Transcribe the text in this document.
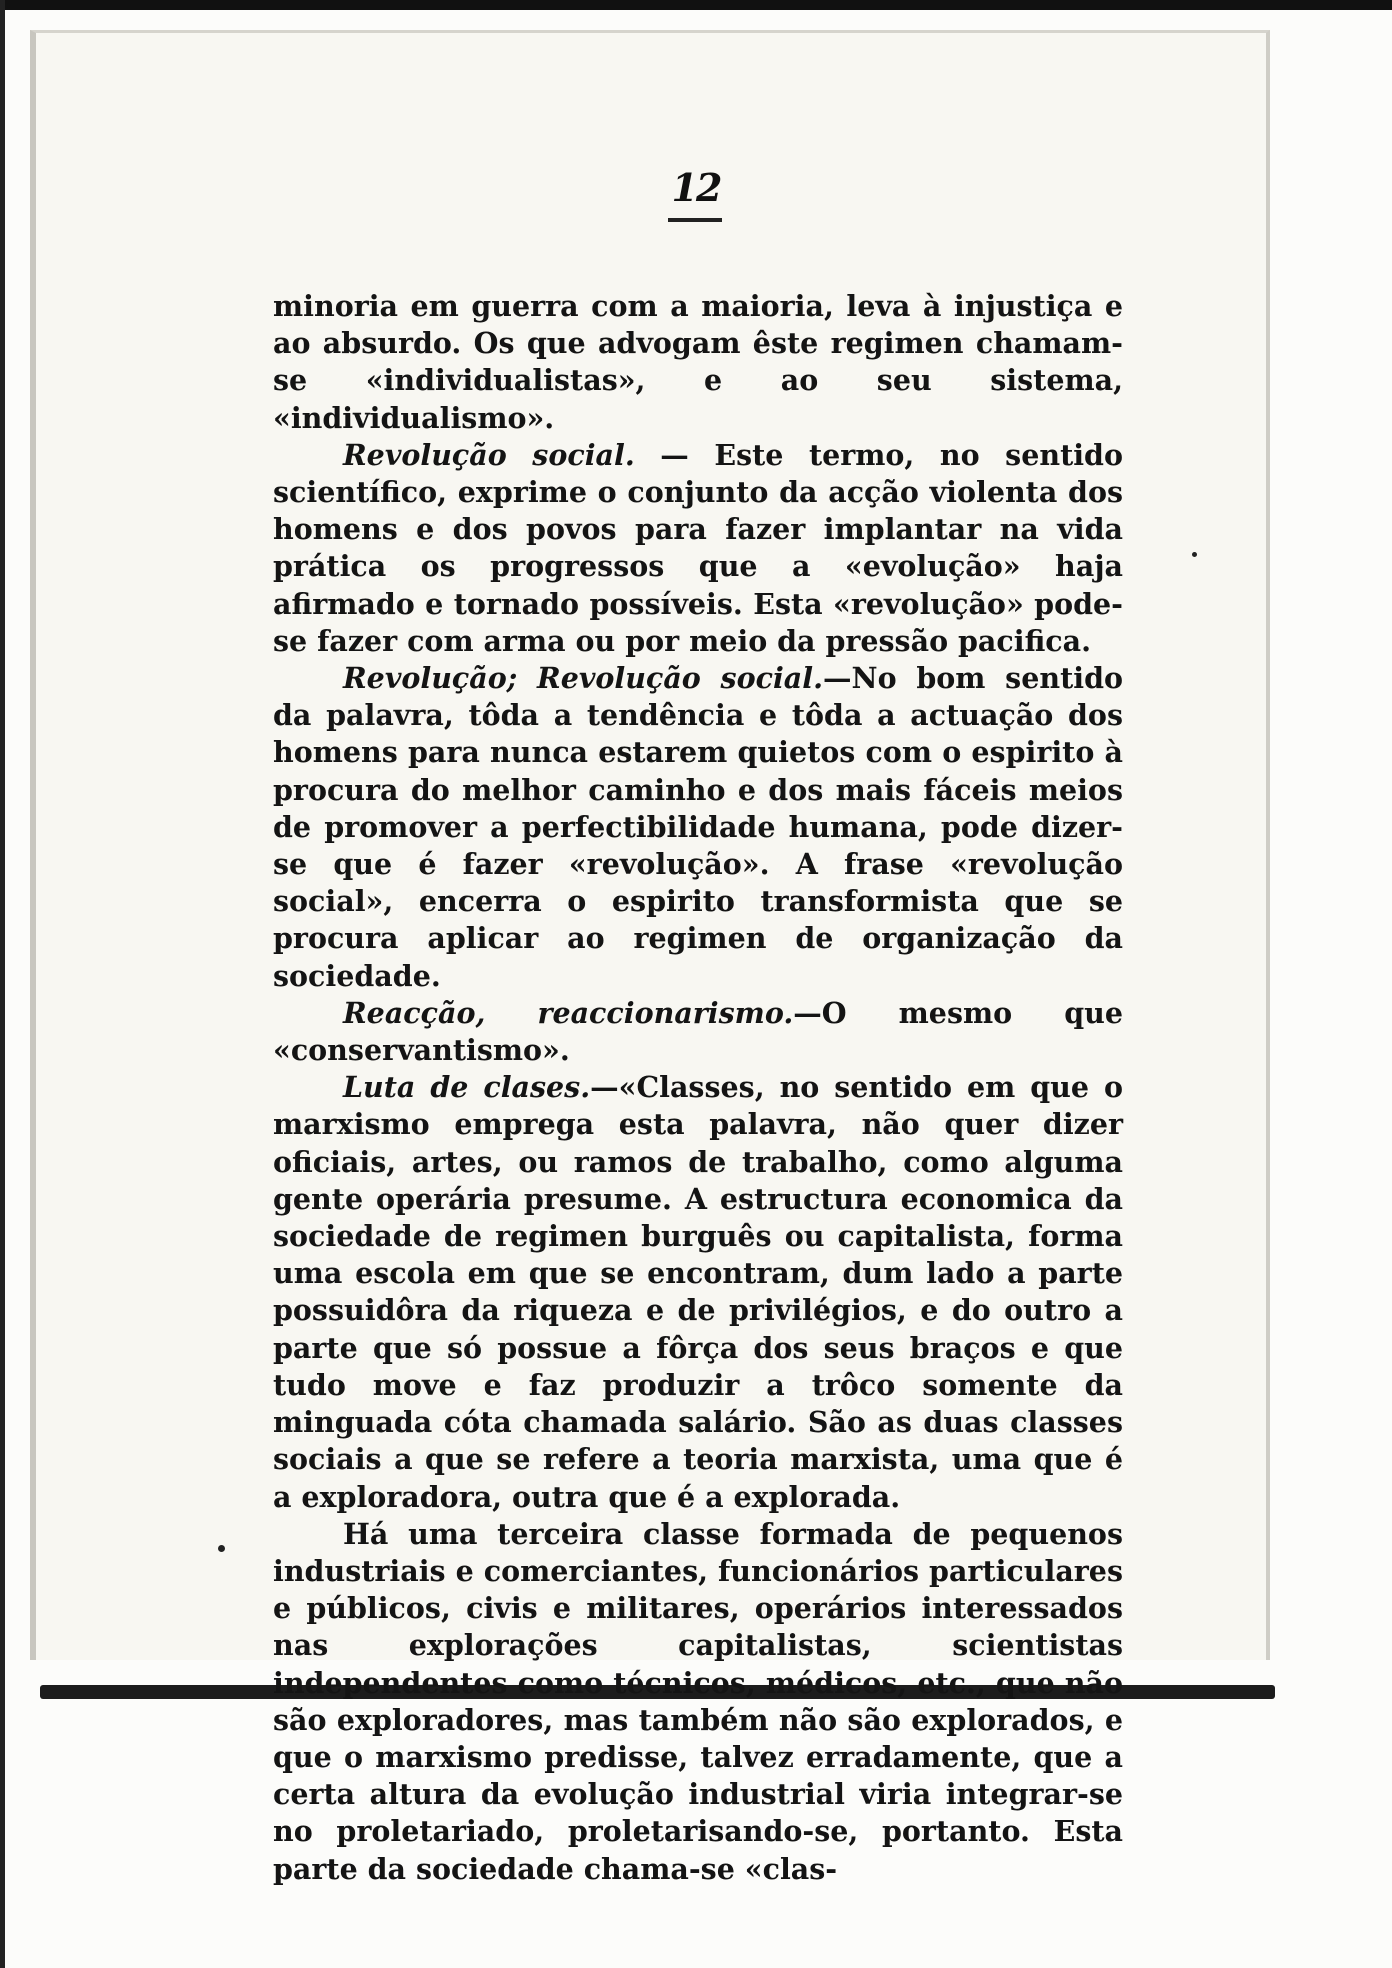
12

minoria em guerra com a maioria, leva à injustiça e ao absurdo. Os que advogam êste regimen chamam-se «individualistas», e ao seu sistema, «individualismo».

Revolução social. — Este termo, no sentido scientífico, exprime o conjunto da acção violenta dos homens e dos povos para fazer implantar na vida prática os progressos que a «evolução» haja afirmado e tornado possíveis. Esta «revolução» pode-se fazer com arma ou por meio da pressão pacifica.

Revolução; Revolução social.—No bom sentido da palavra, tôda a tendência e tôda a actuação dos homens para nunca estarem quietos com o espirito à procura do melhor caminho e dos mais fáceis meios de promover a perfectibilidade humana, pode dizer-se que é fazer «revolução». A frase «revolução social», encerra o espirito transformista que se procura aplicar ao regimen de organização da sociedade.

Reacção, reaccionarismo.—O mesmo que «conservantismo».

Luta de clases.—«Classes, no sentido em que o marxismo emprega esta palavra, não quer dizer oficiais, artes, ou ramos de trabalho, como alguma gente operária presume. A estructura economica da sociedade de regimen burguês ou capitalista, forma uma escola em que se encontram, dum lado a parte possuidôra da riqueza e de privilégios, e do outro a parte que só possue a fôrça dos seus braços e que tudo move e faz produzir a trôco somente da minguada cóta chamada salário. São as duas classes sociais a que se refere a teoria marxista, uma que é a exploradora, outra que é a explorada.

Há uma terceira classe formada de pequenos industriais e comerciantes, funcionários particulares e públicos, civis e militares, operários interessados nas explorações capitalistas, scientistas independentes como técnicos, médicos, etc., que não são exploradores, mas também não são explorados, e que o marxismo predisse, talvez erradamente, que a certa altura da evolução industrial viria integrar-se no proletariado, proletarisando-se, portanto. Esta parte da sociedade chama-se «clas-
